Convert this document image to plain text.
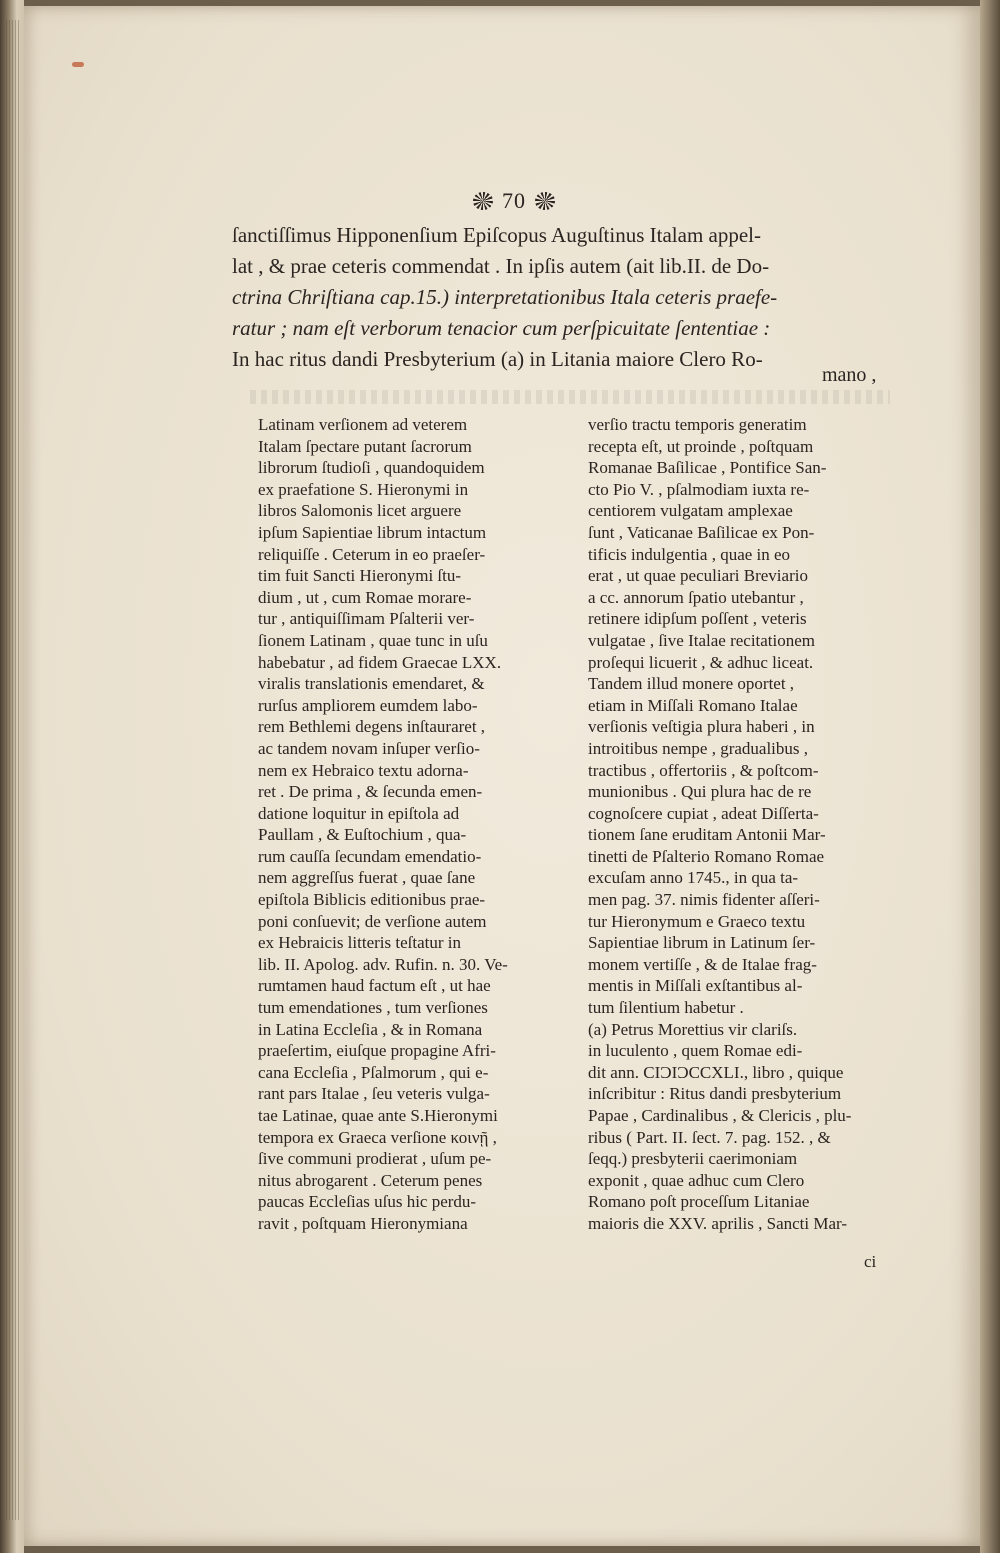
70

ſanctiſſimus Hipponenſium Epiſcopus Auguſtinus Italam appel-

lat , & prae ceteris commendat . In ipſis autem (ait lib.II. de Do-

ctrina Chriſtiana cap.15.) interpretationibus Itala ceteris praefe-

ratur ; nam eſt verborum tenacior cum perſpicuitate ſententiae :

In hac ritus dandi Presbyterium (a) in Litania maiore Clero Ro-

mano ,

Latinam verſionem ad veterem

Italam ſpectare putant ſacrorum

librorum ſtudioſi , quandoquidem

ex praefatione S. Hieronymi in

libros Salomonis licet arguere

ipſum Sapientiae librum intactum

reliquiſſe . Ceterum in eo praeſer-

tim fuit Sancti Hieronymi ſtu-

dium , ut , cum Romae morare-

tur , antiquiſſimam Pſalterii ver-

ſionem Latinam , quae tunc in uſu

habebatur , ad fidem Graecae LXX.

viralis translationis emendaret, &

rurſus ampliorem eumdem labo-

rem Bethlemi degens inſtauraret ,

ac tandem novam inſuper verſio-

nem ex Hebraico textu adorna-

ret . De prima , & ſecunda emen-

datione loquitur in epiſtola ad

Paullam , & Euſtochium , qua-

rum cauſſa ſecundam emendatio-

nem aggreſſus fuerat , quae ſane

epiſtola Biblicis editionibus prae-

poni conſuevit; de verſione autem

ex Hebraicis litteris teſtatur in

lib. II. Apolog. adv. Rufin. n. 30. Ve-

rumtamen haud factum eſt , ut hae

tum emendationes , tum verſiones

in Latina Eccleſia , & in Romana

praeſertim, eiuſque propagine Afri-

cana Eccleſia , Pſalmorum , qui e-

rant pars Italae , ſeu veteris vulga-

tae Latinae, quae ante S.Hieronymi

tempora ex Graeca verſione κοινῇ ,

ſive communi prodierat , uſum pe-

nitus abrogarent . Ceterum penes

paucas Eccleſias uſus hic perdu-

ravit , poſtquam Hieronymiana

verſio tractu temporis generatim

recepta eſt, ut proinde , poſtquam

Romanae Baſilicae , Pontifice San-

cto Pio V. , pſalmodiam iuxta re-

centiorem vulgatam amplexae

ſunt , Vaticanae Baſilicae ex Pon-

tificis indulgentia , quae in eo

erat , ut quae peculiari Breviario

a cc. annorum ſpatio utebantur ,

retinere idipſum poſſent , veteris

vulgatae , ſive Italae recitationem

proſequi licuerit , & adhuc liceat.

Tandem illud monere oportet ,

etiam in Miſſali Romano Italae

verſionis veſtigia plura haberi , in

introitibus nempe , gradualibus ,

tractibus , offertoriis , & poſtcom-

munionibus . Qui plura hac de re

cognoſcere cupiat , adeat Diſſerta-

tionem ſane eruditam Antonii Mar-

tinetti de Pſalterio Romano Romae

excuſam anno 1745., in qua ta-

men pag. 37. nimis fidenter aſſeri-

tur Hieronymum e Graeco textu

Sapientiae librum in Latinum ſer-

monem vertiſſe , & de Italae frag-

mentis in Miſſali exſtantibus al-

tum ſilentium habetur .

(a) Petrus Morettius vir clariſs.

in luculento , quem Romae edi-

dit ann. CIƆIƆCCXLI., libro , quique

inſcribitur : Ritus dandi presbyterium

Papae , Cardinalibus , & Clericis , plu-

ribus ( Part. II. ſect. 7. pag. 152. , &

ſeqq.) presbyterii caerimoniam

exponit , quae adhuc cum Clero

Romano poſt proceſſum Litaniae

maioris die XXV. aprilis , Sancti Mar-

ci
